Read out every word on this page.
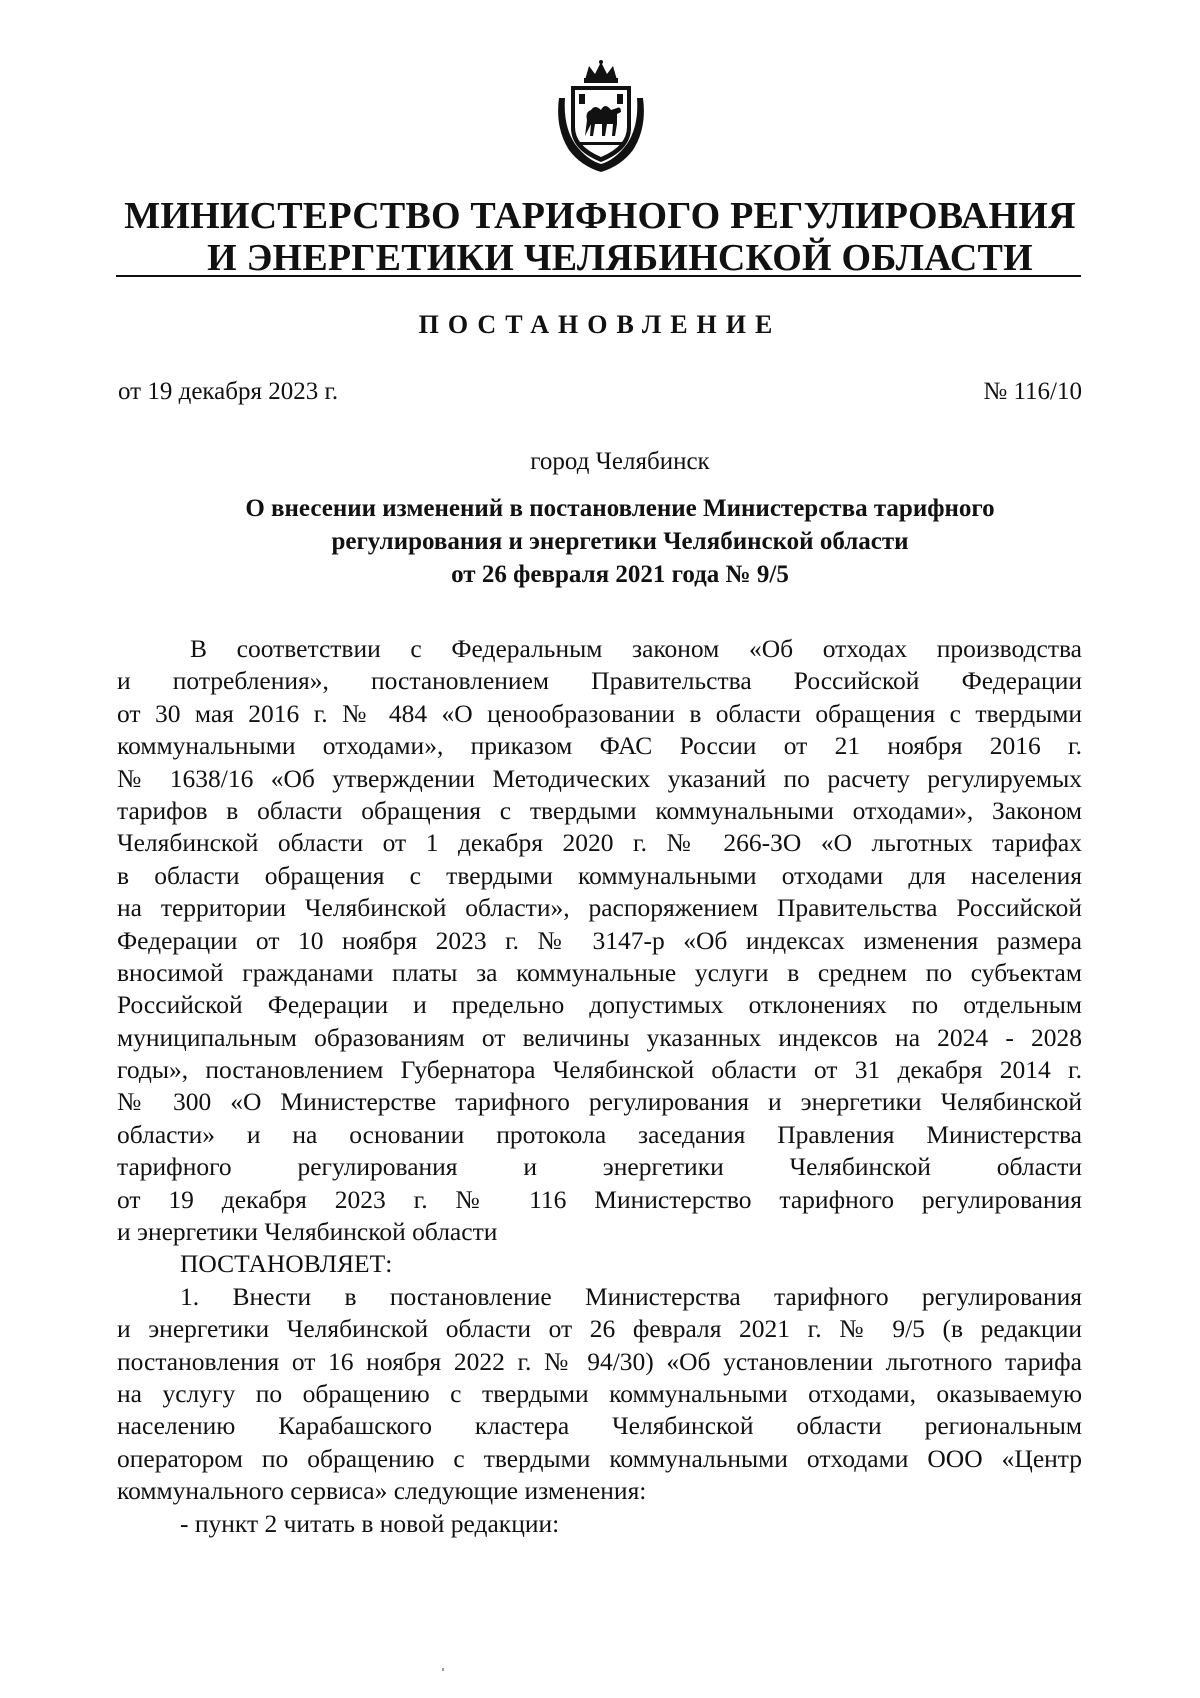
МИНИСТЕРСТВО ТАРИФНОГО РЕГУЛИРОВАНИЯ
И ЭНЕРГЕТИКИ ЧЕЛЯБИНСКОЙ ОБЛАСТИ
ПОСТАНОВЛЕНИЕ
от 19 декабря 2023 г.	№ 116/10
город Челябинск
О внесении изменений в постановление Министерства тарифного
регулирования и энергетики Челябинской области
от 26 февраля 2021 года № 9/5
В соответствии с Федеральным законом «Об отходах производства
и потребления», постановлением Правительства Российской Федерации
от 30 мая 2016 г. № 484 «О ценообразовании в области обращения с твердыми
коммунальными отходами», приказом ФАС России от 21 ноября 2016 г.
№ 1638/16 «Об утверждении Методических указаний по расчету регулируемых
тарифов в области обращения с твердыми коммунальными отходами», Законом
Челябинской области от 1 декабря 2020 г. № 266-ЗО «О льготных тарифах
в области обращения с твердыми коммунальными отходами для населения
на территории Челябинской области», распоряжением Правительства Российской
Федерации от 10 ноября 2023 г. № 3147-р «Об индексах изменения размера
вносимой гражданами платы за коммунальные услуги в среднем по субъектам
Российской Федерации и предельно допустимых отклонениях по отдельным
муниципальным образованиям от величины указанных индексов на 2024 - 2028
годы», постановлением Губернатора Челябинской области от 31 декабря 2014 г.
№ 300 «О Министерстве тарифного регулирования и энергетики Челябинской
области» и на основании протокола заседания Правления Министерства
тарифного регулирования и энергетики Челябинской области
от 19 декабря 2023 г. № 116 Министерство тарифного регулирования
и энергетики Челябинской области
ПОСТАНОВЛЯЕТ:
1. Внести в постановление Министерства тарифного регулирования
и энергетики Челябинской области от 26 февраля 2021 г. № 9/5 (в редакции
постановления от 16 ноября 2022 г. № 94/30) «Об установлении льготного тарифа
на услугу по обращению с твердыми коммунальными отходами, оказываемую
населению Карабашского кластера Челябинской области региональным
оператором по обращению с твердыми коммунальными отходами ООО «Центр
коммунального сервиса» следующие изменения:
- пункт 2 читать в новой редакции:
